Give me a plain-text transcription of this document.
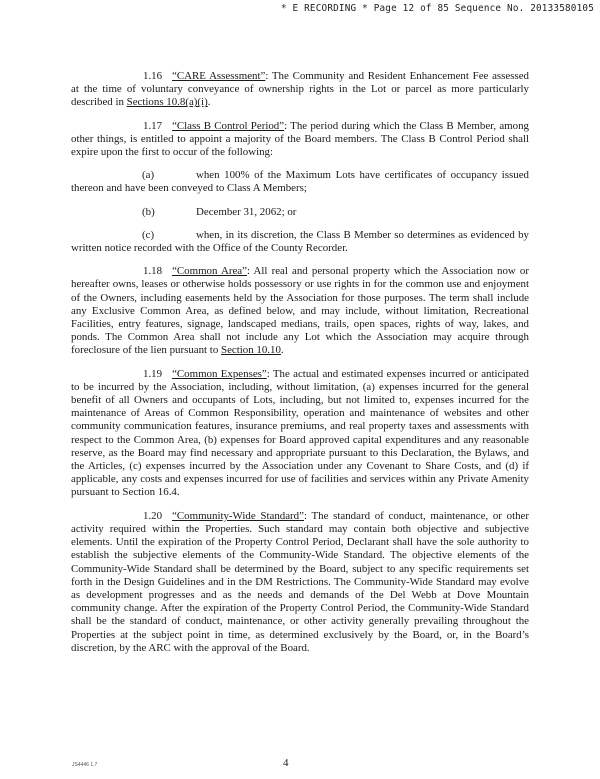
* E RECORDING * Page 12 of 85 Sequence No. 20133580105

1.16 “CARE Assessment”: The Community and Resident Enhancement Fee assessed at the time of voluntary conveyance of ownership rights in the Lot or parcel as more particularly described in Sections 10.8(a)(i).

1.17 “Class B Control Period”: The period during which the Class B Member, among other things, is entitled to appoint a majority of the Board members. The Class B Control Period shall expire upon the first to occur of the following:

(a)	when 100% of the Maximum Lots have certificates of occupancy issued thereon and have been conveyed to Class A Members;

(b)	December 31, 2062; or

(c)	when, in its discretion, the Class B Member so determines as evidenced by written notice recorded with the Office of the County Recorder.

1.18 “Common Area”: All real and personal property which the Association now or hereafter owns, leases or otherwise holds possessory or use rights in for the common use and enjoyment of the Owners, including easements held by the Association for those purposes. The term shall include any Exclusive Common Area, as defined below, and may include, without limitation, Recreational Facilities, entry features, signage, landscaped medians, trails, open spaces, rights of way, lakes, and ponds. The Common Area shall not include any Lot which the Association may acquire through foreclosure of the lien pursuant to Section 10.10.

1.19 “Common Expenses”: The actual and estimated expenses incurred or anticipated to be incurred by the Association, including, without limitation, (a) expenses incurred for the general benefit of all Owners and occupants of Lots, including, but not limited to, expenses incurred for the maintenance of Areas of Common Responsibility, operation and maintenance of websites and other community communication features, insurance premiums, and real property taxes and assessments with respect to the Common Area, (b) expenses for Board approved capital expenditures and any reasonable reserve, as the Board may find necessary and appropriate pursuant to this Declaration, the Bylaws, and the Articles, (c) expenses incurred by the Association under any Covenant to Share Costs, and (d) if applicable, any costs and expenses incurred for use of facilities and services within any Private Amenity pursuant to Section 16.4.

1.20 “Community-Wide Standard”: The standard of conduct, maintenance, or other activity required within the Properties. Such standard may contain both objective and subjective elements. Until the expiration of the Property Control Period, Declarant shall have the sole authority to establish the subjective elements of the Community-Wide Standard. The objective elements of the Community-Wide Standard shall be determined by the Board, subject to any specific requirements set forth in the Design Guidelines and in the DM Restrictions. The Community-Wide Standard may evolve as development progresses and as the needs and demands of the Del Webb at Dove Mountain community change. After the expiration of the Property Control Period, the Community-Wide Standard shall be the standard of conduct, maintenance, or other activity generally prevailing throughout the Properties at the subject point in time, as determined exclusively by the Board, or, in the Board’s discretion, by the ARC with the approval of the Board.

JS4446 1.7	4
